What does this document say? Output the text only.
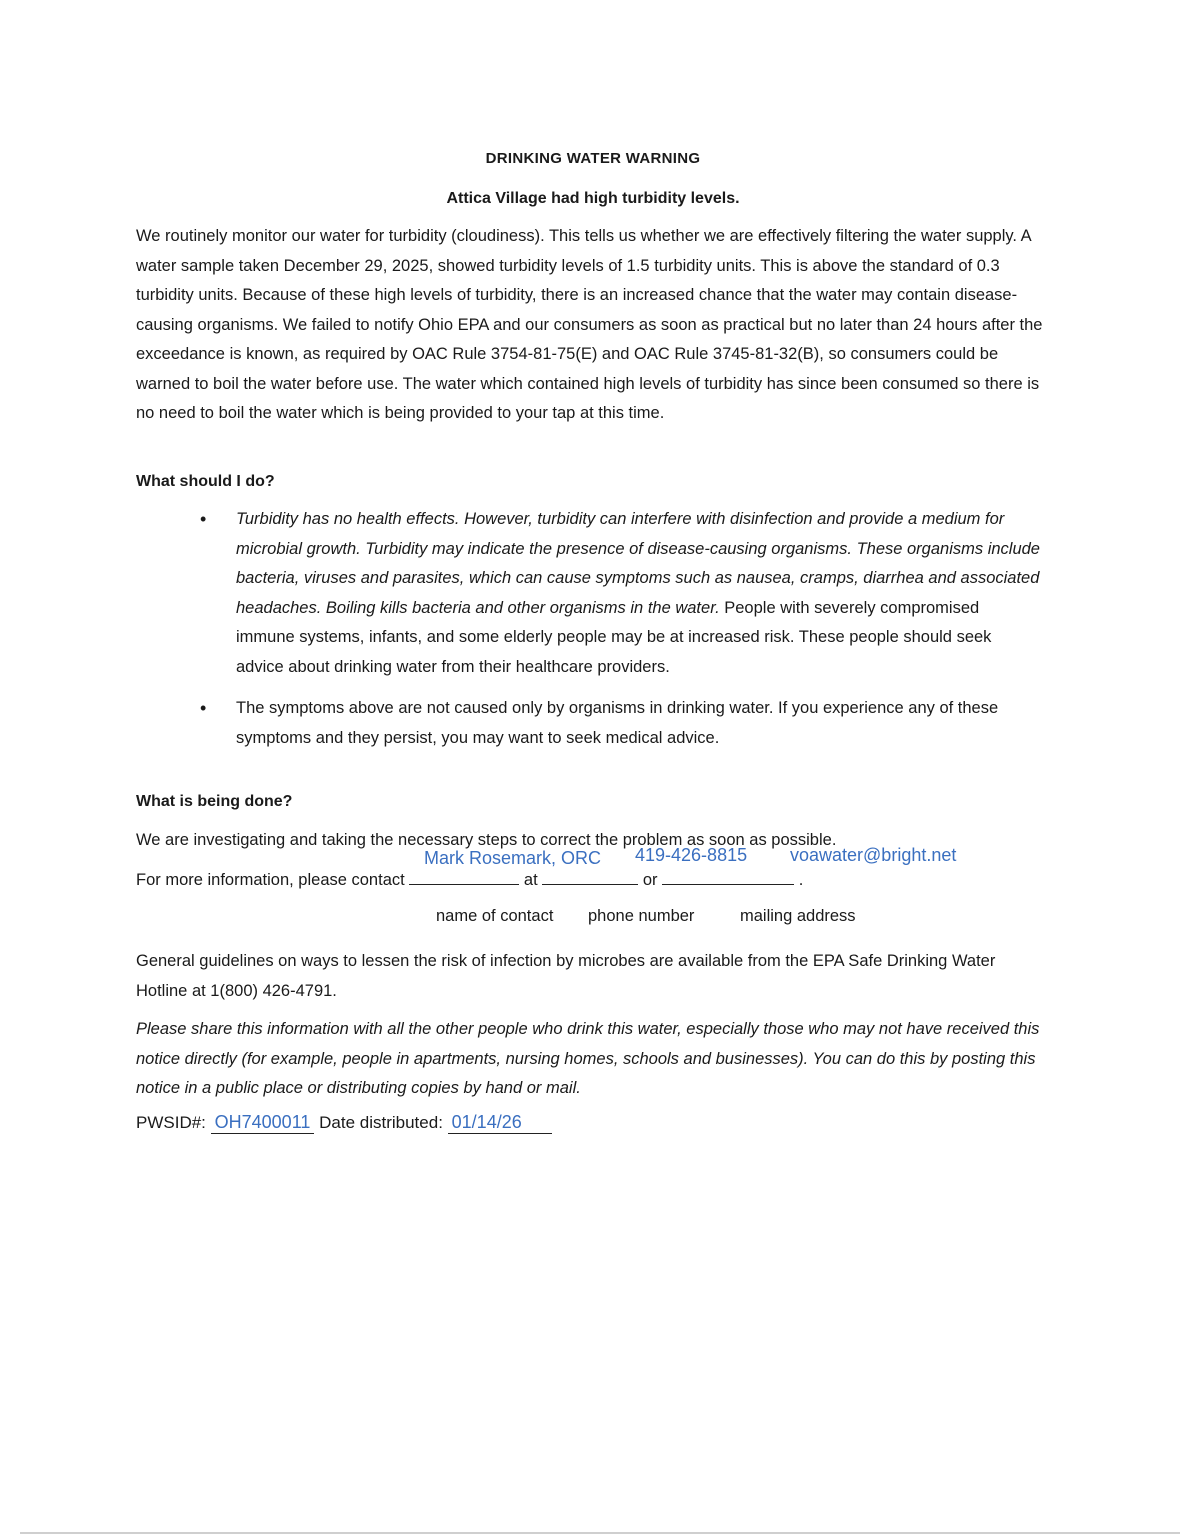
DRINKING WATER WARNING
Attica Village had high turbidity levels.
We routinely monitor our water for turbidity (cloudiness). This tells us whether we are effectively filtering the water supply. A water sample taken December 29, 2025, showed turbidity levels of 1.5 turbidity units. This is above the standard of 0.3 turbidity units. Because of these high levels of turbidity, there is an increased chance that the water may contain disease-causing organisms. We failed to notify Ohio EPA and our consumers as soon as practical but no later than 24 hours after the exceedance is known, as required by OAC Rule 3754-81-75(E) and OAC Rule 3745-81-32(B), so consumers could be warned to boil the water before use. The water which contained high levels of turbidity has since been consumed so there is no need to boil the water which is being provided to your tap at this time.
What should I do?
• Turbidity has no health effects. However, turbidity can interfere with disinfection and provide a medium for microbial growth. Turbidity may indicate the presence of disease-causing organisms. These organisms include bacteria, viruses and parasites, which can cause symptoms such as nausea, cramps, diarrhea and associated headaches. Boiling kills bacteria and other organisms in the water. People with severely compromised immune systems, infants, and some elderly people may be at increased risk. These people should seek advice about drinking water from their healthcare providers.
• The symptoms above are not caused only by organisms in drinking water. If you experience any of these symptoms and they persist, you may want to seek medical advice.
What is being done?
We are investigating and taking the necessary steps to correct the problem as soon as possible.
Mark Rosemark, ORC 419-426-8815 voawater@bright.net
For more information, please contact	at	or	.
name of contact phone number	mailing address
General guidelines on ways to lessen the risk of infection by microbes are available from the EPA Safe Drinking Water Hotline at 1(800) 426-4791.
Please share this information with all the other people who drink this water, especially those who may not have received this notice directly (for example, people in apartments, nursing homes, schools and businesses). You can do this by posting this notice in a public place or distributing copies by hand or mail.
PWSID#: OH7400011 Date distributed: 01/14/26
